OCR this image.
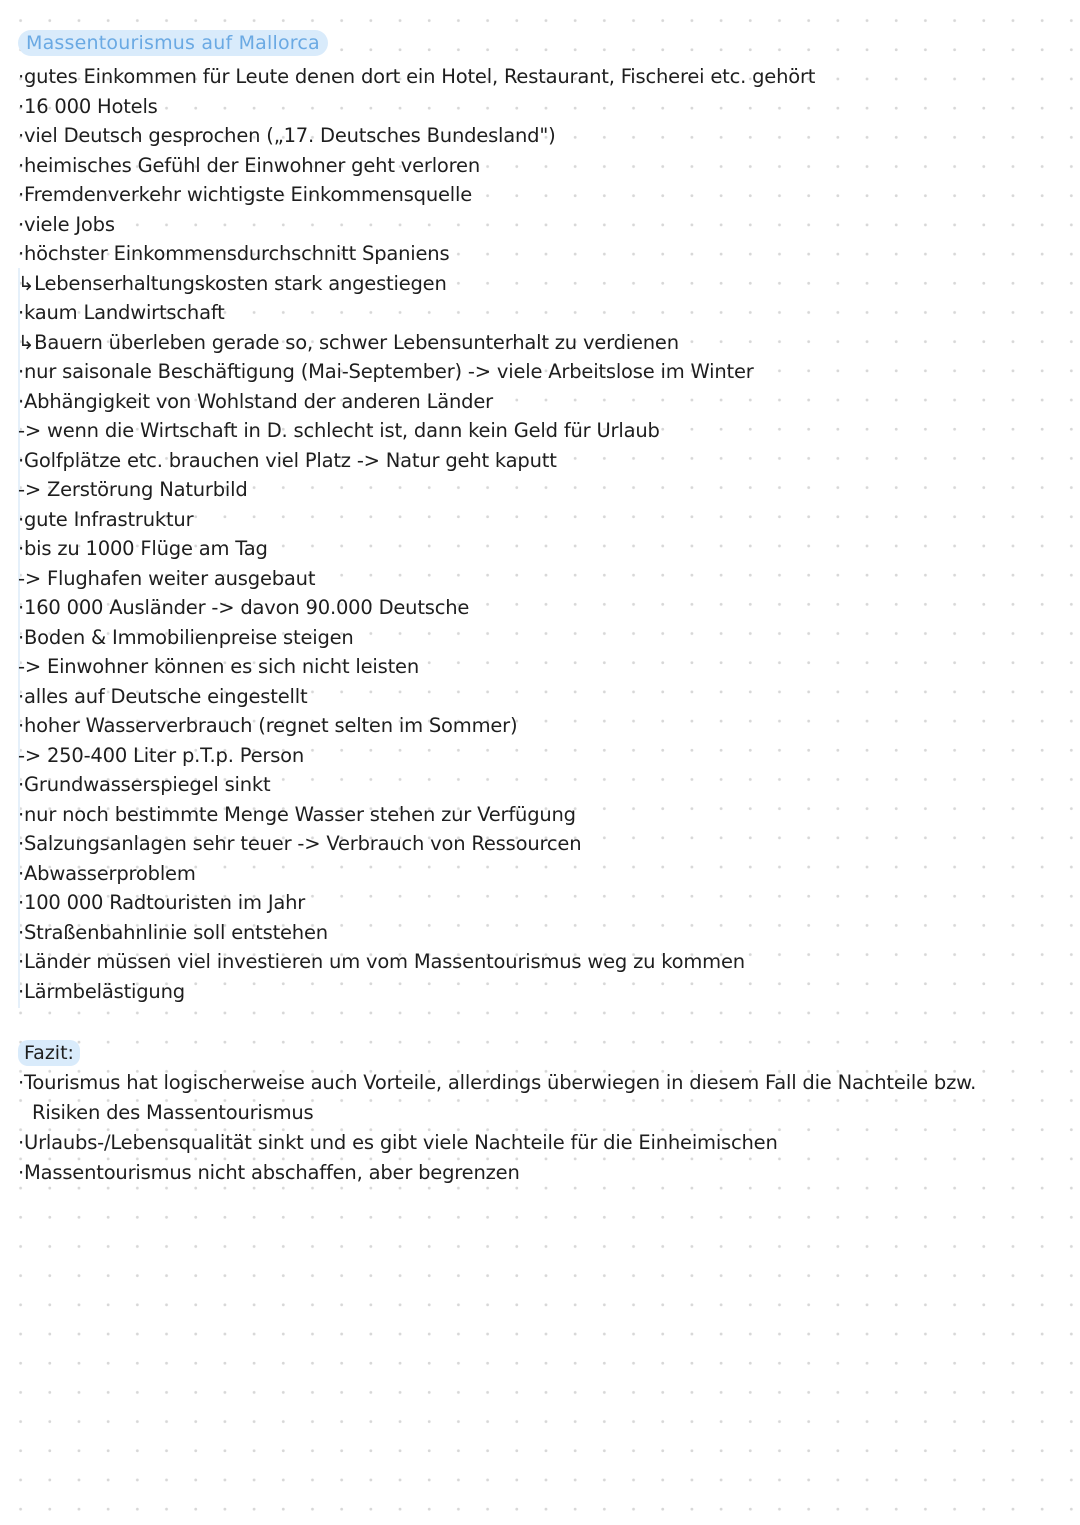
Massentourismus auf Mallorca
·gutes Einkommen für Leute denen dort ein Hotel, Restaurant, Fischerei etc. gehört
·16 000 Hotels
·viel Deutsch gesprochen („17. Deutsches Bundesland")
·heimisches Gefühl der Einwohner geht verloren
·Fremdenverkehr wichtigste Einkommensquelle
·viele Jobs
·höchster Einkommensdurchschnitt Spaniens
↳Lebenserhaltungskosten stark angestiegen
·kaum Landwirtschaft
↳Bauern überleben gerade so, schwer Lebensunterhalt zu verdienen
·nur saisonale Beschäftigung (Mai-September) -> viele Arbeitslose im Winter
·Abhängigkeit von Wohlstand der anderen Länder
-> wenn die Wirtschaft in D. schlecht ist, dann kein Geld für Urlaub
·Golfplätze etc. brauchen viel Platz -> Natur geht kaputt
-> Zerstörung Naturbild
·gute Infrastruktur
·bis zu 1000 Flüge am Tag
-> Flughafen weiter ausgebaut
·160 000 Ausländer -> davon 90.000 Deutsche
·Boden & Immobilienpreise steigen
-> Einwohner können es sich nicht leisten
·alles auf Deutsche eingestellt
·hoher Wasserverbrauch (regnet selten im Sommer)
-> 250-400 Liter p.T.p. Person
·Grundwasserspiegel sinkt
·nur noch bestimmte Menge Wasser stehen zur Verfügung
·Salzungsanlagen sehr teuer -> Verbrauch von Ressourcen
·Abwasserproblem
·100 000 Radtouristen im Jahr
·Straßenbahnlinie soll entstehen
·Länder müssen viel investieren um vom Massentourismus weg zu kommen
·Lärmbelästigung
Fazit:
·Tourismus hat logischerweise auch Vorteile, allerdings überwiegen in diesem Fall die Nachteile bzw.
Risiken des Massentourismus
·Urlaubs-/Lebensqualität sinkt und es gibt viele Nachteile für die Einheimischen
·Massentourismus nicht abschaffen, aber begrenzen
